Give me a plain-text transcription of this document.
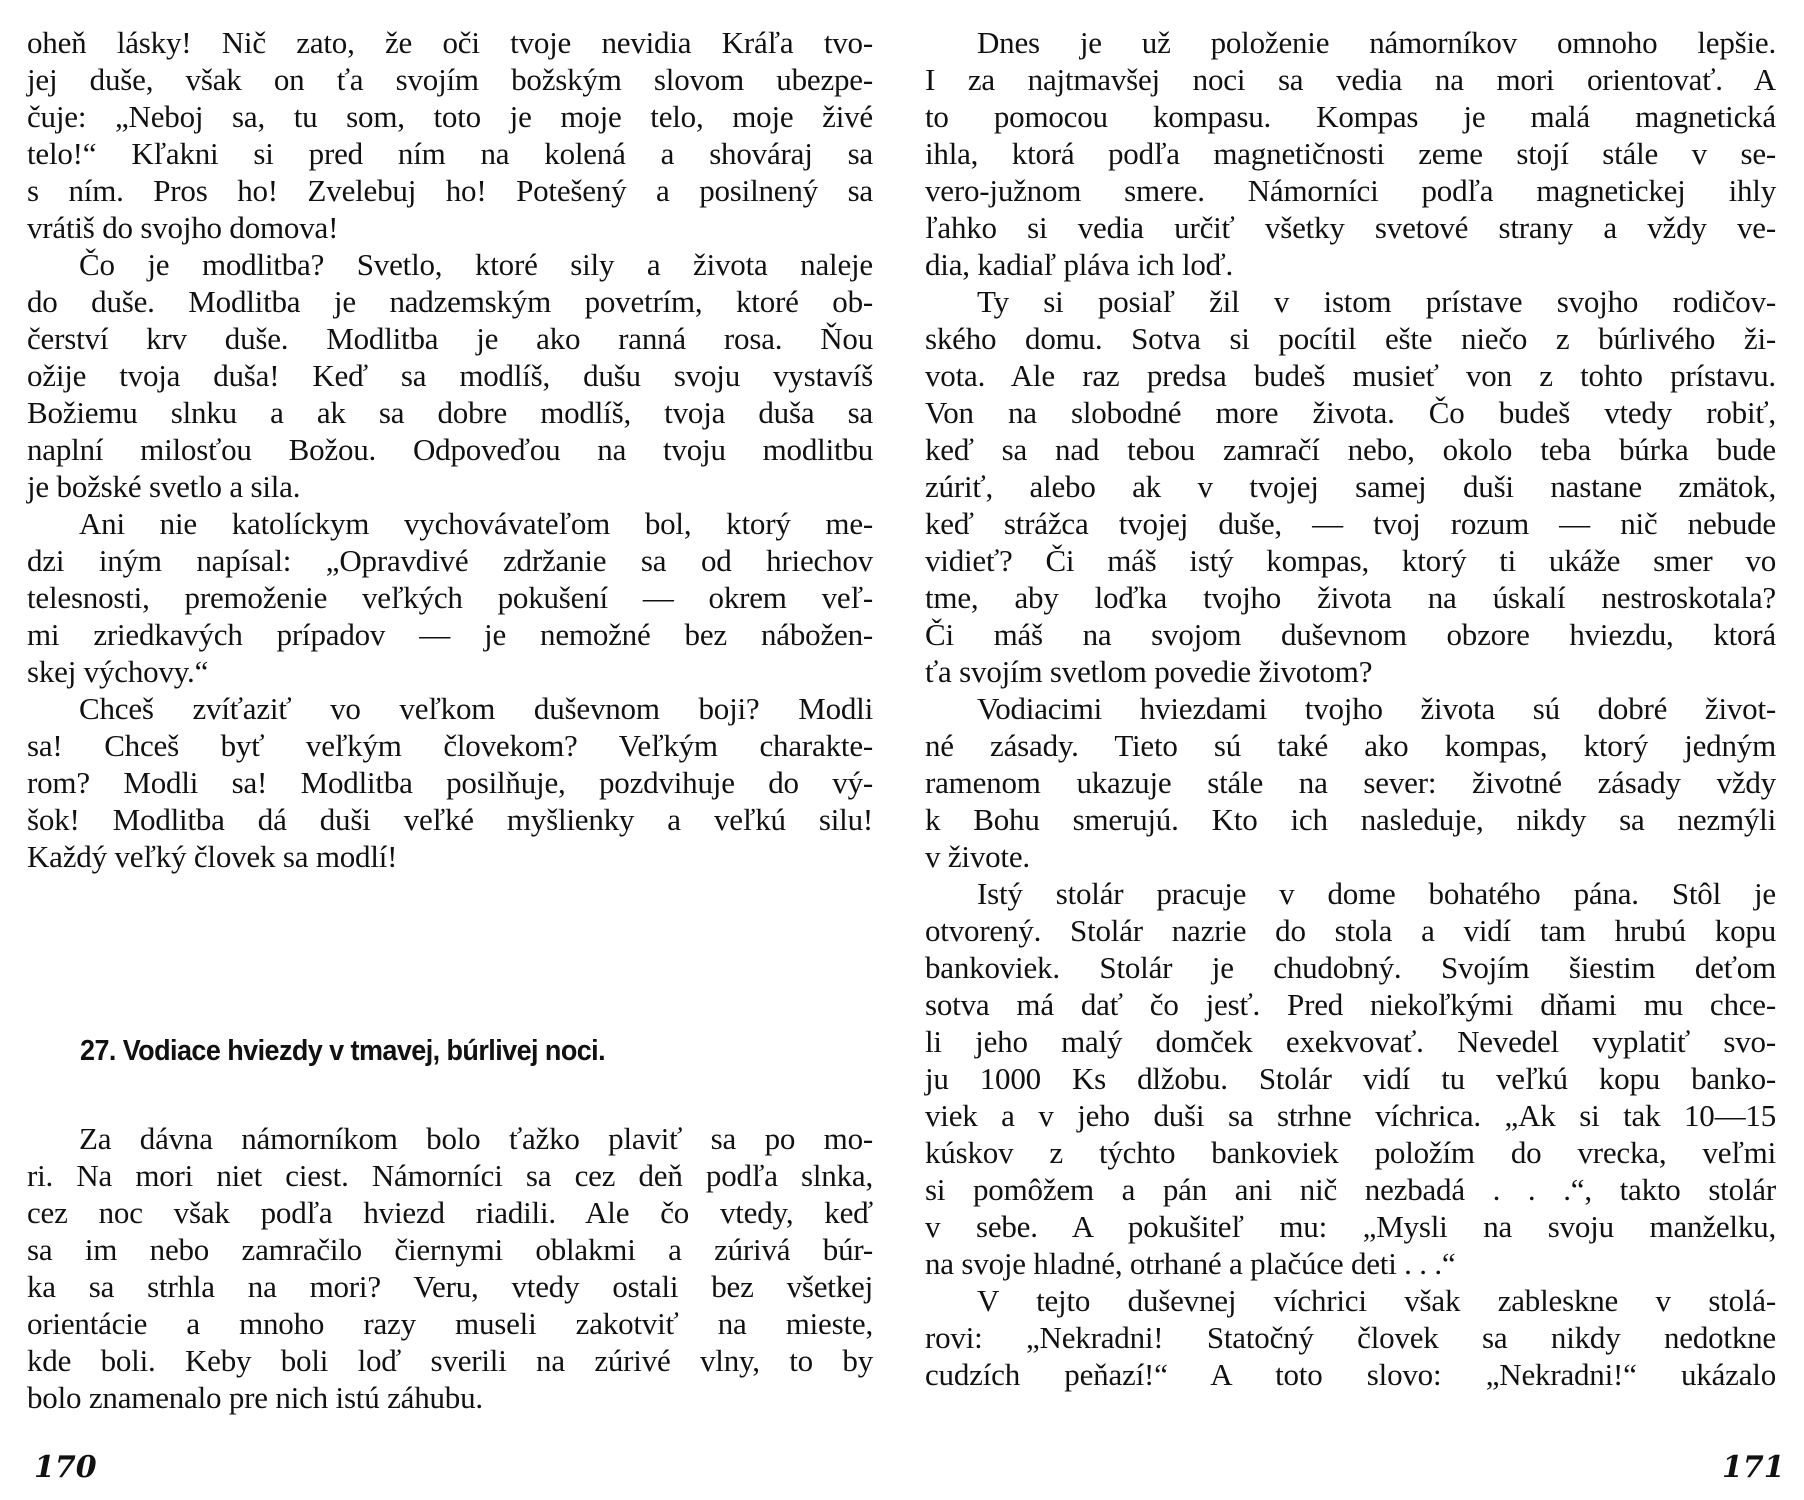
oheň lásky! Nič zato, že oči tvoje nevidia Kráľa tvo-
jej duše, však on ťa svojím božským slovom ubezpe-
čuje: „Neboj sa, tu som, toto je moje telo, moje živé
telo!“ Kľakni si pred ním na kolená a shováraj sa
s ním. Pros ho! Zvelebuj ho! Potešený a posilnený sa
vrátiš do svojho domova!
Čo je modlitba? Svetlo, ktoré sily a života naleje
do duše. Modlitba je nadzemským povetrím, ktoré ob-
čerství krv duše. Modlitba je ako ranná rosa. Ňou
ožije tvoja duša! Keď sa modlíš, dušu svoju vystavíš
Božiemu slnku a ak sa dobre modlíš, tvoja duša sa
naplní milosťou Božou. Odpoveďou na tvoju modlitbu
je božské svetlo a sila.
Ani nie katolíckym vychovávateľom bol, ktorý me-
dzi iným napísal: „Opravdivé zdržanie sa od hriechov
telesnosti, premoženie veľkých pokušení — okrem veľ-
mi zriedkavých prípadov — je nemožné bez nábožen-
skej výchovy.“
Chceš zvíťaziť vo veľkom duševnom boji? Modli
sa! Chceš byť veľkým človekom? Veľkým charakte-
rom? Modli sa! Modlitba posilňuje, pozdvihuje do vý-
šok! Modlitba dá duši veľké myšlienky a veľkú silu!
Každý veľký človek sa modlí!
27. Vodiace hviezdy v tmavej, búrlivej noci.
Za dávna námorníkom bolo ťažko plaviť sa po mo-
ri. Na mori niet ciest. Námorníci sa cez deň podľa slnka,
cez noc však podľa hviezd riadili. Ale čo vtedy, keď
sa im nebo zamračilo čiernymi oblakmi a zúrivá búr-
ka sa strhla na mori? Veru, vtedy ostali bez všetkej
orientácie a mnoho razy museli zakotviť na mieste,
kde boli. Keby boli loď sverili na zúrivé vlny, to by
bolo znamenalo pre nich istú záhubu.
Dnes je už položenie námorníkov omnoho lepšie.
I za najtmavšej noci sa vedia na mori orientovať. A
to pomocou kompasu. Kompas je malá magnetická
ihla, ktorá podľa magnetičnosti zeme stojí stále v se-
vero-južnom smere. Námorníci podľa magnetickej ihly
ľahko si vedia určiť všetky svetové strany a vždy ve-
dia, kadiaľ pláva ich loď.
Ty si posiaľ žil v istom prístave svojho rodičov-
ského domu. Sotva si pocítil ešte niečo z búrlivého ži-
vota. Ale raz predsa budeš musieť von z tohto prístavu.
Von na slobodné more života. Čo budeš vtedy robiť,
keď sa nad tebou zamračí nebo, okolo teba búrka bude
zúriť, alebo ak v tvojej samej duši nastane zmätok,
keď strážca tvojej duše, — tvoj rozum — nič nebude
vidieť? Či máš istý kompas, ktorý ti ukáže smer vo
tme, aby loďka tvojho života na úskalí nestroskotala?
Či máš na svojom duševnom obzore hviezdu, ktorá
ťa svojím svetlom povedie životom?
Vodiacimi hviezdami tvojho života sú dobré život-
né zásady. Tieto sú také ako kompas, ktorý jedným
ramenom ukazuje stále na sever: životné zásady vždy
k Bohu smerujú. Kto ich nasleduje, nikdy sa nezmýli
v živote.
Istý stolár pracuje v dome bohatého pána. Stôl je
otvorený. Stolár nazrie do stola a vidí tam hrubú kopu
bankoviek. Stolár je chudobný. Svojím šiestim deťom
sotva má dať čo jesť. Pred niekoľkými dňami mu chce-
li jeho malý domček exekvovať. Nevedel vyplatiť svo-
ju 1000 Ks dlžobu. Stolár vidí tu veľkú kopu banko-
viek a v jeho duši sa strhne víchrica. „Ak si tak 10—15
kúskov z týchto bankoviek položím do vrecka, veľmi
si pomôžem a pán ani nič nezbadá . . .“, takto stolár
v sebe. A pokušiteľ mu: „Mysli na svoju manželku,
na svoje hladné, otrhané a plačúce deti . . .“
V tejto duševnej víchrici však zableskne v stolá-
rovi: „Nekradni! Statočný človek sa nikdy nedotkne
cudzích peňazí!“ A toto slovo: „Nekradni!“ ukázalo
170	171
